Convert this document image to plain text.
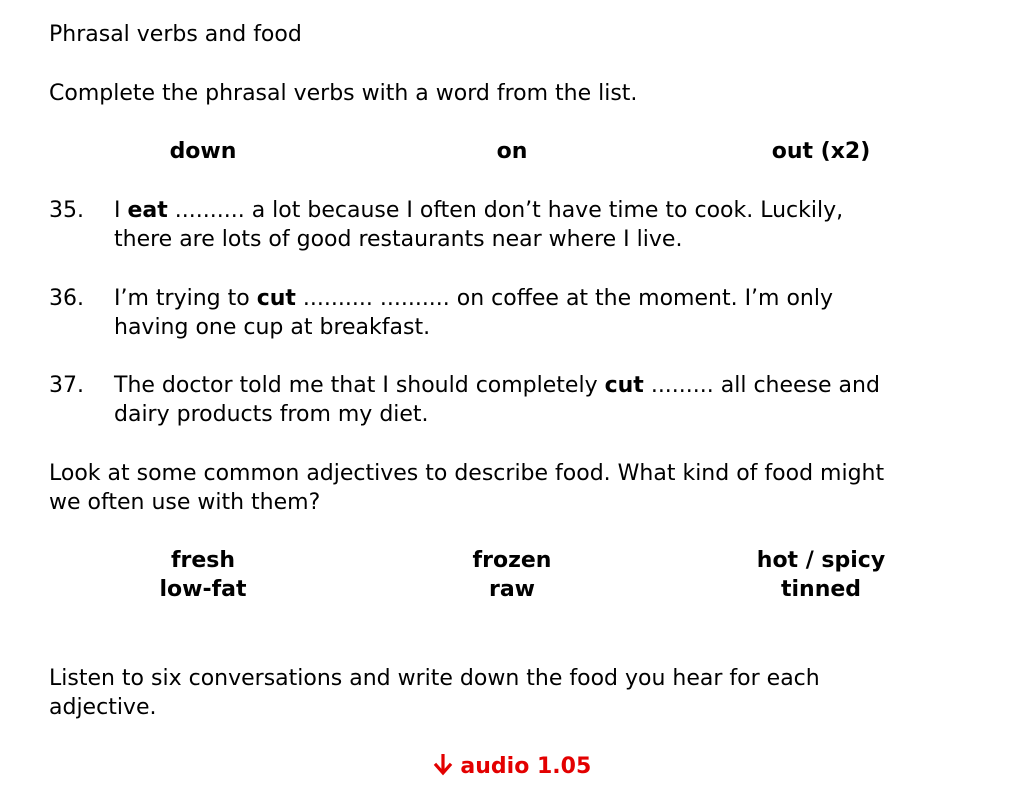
Phrasal verbs and food
Complete the phrasal verbs with a word from the list.
down	on	out (x2)
35. I eat .......... a lot because I often don’t have time to cook. Luckily,
there are lots of good restaurants near where I live.
36. I’m trying to cut .......... .......... on coffee at the moment. I’m only
having one cup at breakfast.
37. The doctor told me that I should completely cut ......... all cheese and
dairy products from my diet.
Look at some common adjectives to describe food. What kind of food might
we often use with them?
fresh	frozen	hot / spicy
low-fat	raw	tinned
Listen to six conversations and write down the food you hear for each
adjective.
audio 1.05
